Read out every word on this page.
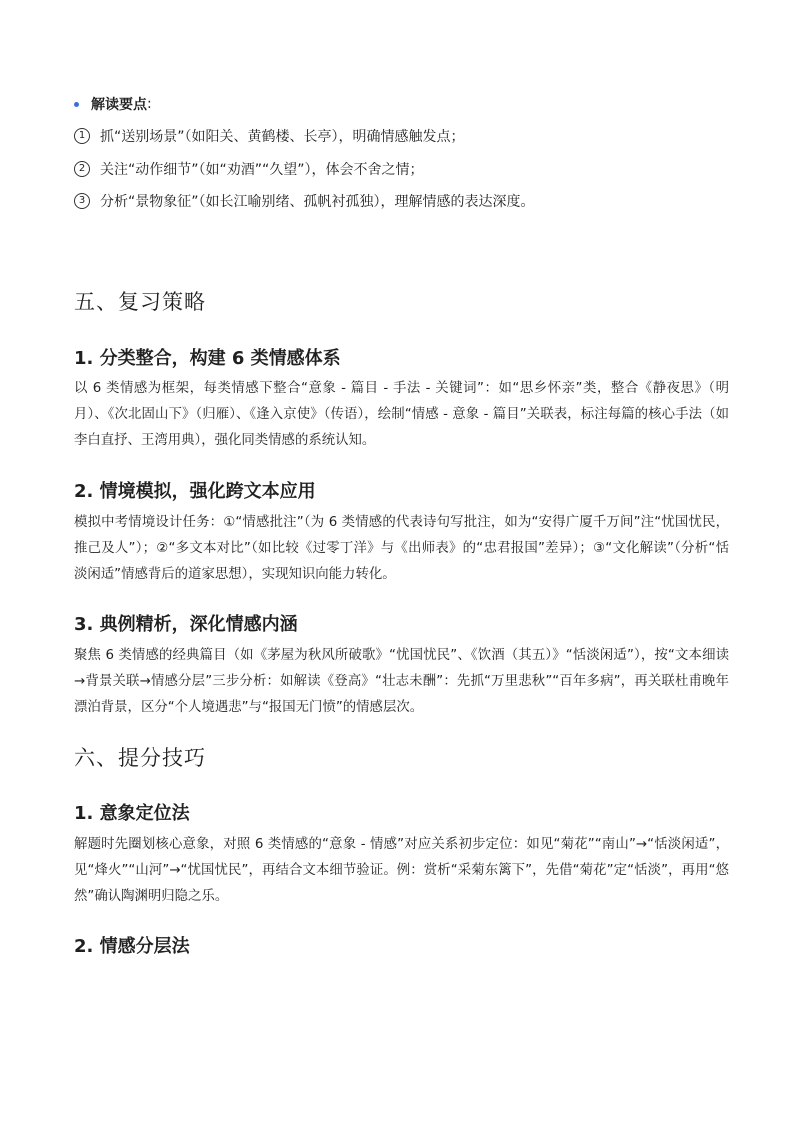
解读要点 :
1	抓“送别场景”（如阳关、黄鹤楼、长亭），明确情感触发点；
2	关注“动作细节”（如“劝酒”“久望”），体会不舍之情；
3	分析“景物象征”（如长江喻别绪、孤帆衬孤独），理解情感的表达深度。
五、复习策略
1. 分类整合，构建 6 类情感体系

以 6 类情感为框架，每类情感下整合“意象 - 篇目 - 手法 - 关键词”：如“思乡怀亲”类，整合《静夜思》（明月）、《次北固山下》（归雁）、《逢入京使》（传语），绘制“情感 - 意象 - 篇目”关联表，标注每篇的核心手法（如李白直抒、王湾用典），强化同类情感的系统认知。

2. 情境模拟，强化跨文本应用

模拟中考情境设计任务：①“情感批注”（为 6 类情感的代表诗句写批注，如为“安得广厦千万间”注“忧国忧民，推己及人”）；②“多文本对比”（如比较《过零丁洋》与《出师表》的“忠君报国”差异）；③“文化解读”（分析“恬淡闲适”情感背后的道家思想），实现知识向能力转化。

3. 典例精析，深化情感内涵

聚焦 6 类情感的经典篇目（如《茅屋为秋风所破歌》“忧国忧民”、《饮酒（其五）》“恬淡闲适”），按“文本细读→背景关联→情感分层”三步分析：如解读《登高》“壮志未酬”：先抓“万里悲秋”“百年多病”，再关联杜甫晚年漂泊背景，区分“个人境遇悲”与“报国无门愤”的情感层次。

六、提分技巧
1. 意象定位法

解题时先圈划核心意象，对照 6 类情感的“意象 - 情感”对应关系初步定位：如见“菊花”“南山”→“恬淡闲适”，见“烽火”“山河”→“忧国忧民”，再结合文本细节验证。例：赏析“采菊东篱下”，先借“菊花”定“恬淡”，再用“悠然”确认陶渊明归隐之乐。

2. 情感分层法
